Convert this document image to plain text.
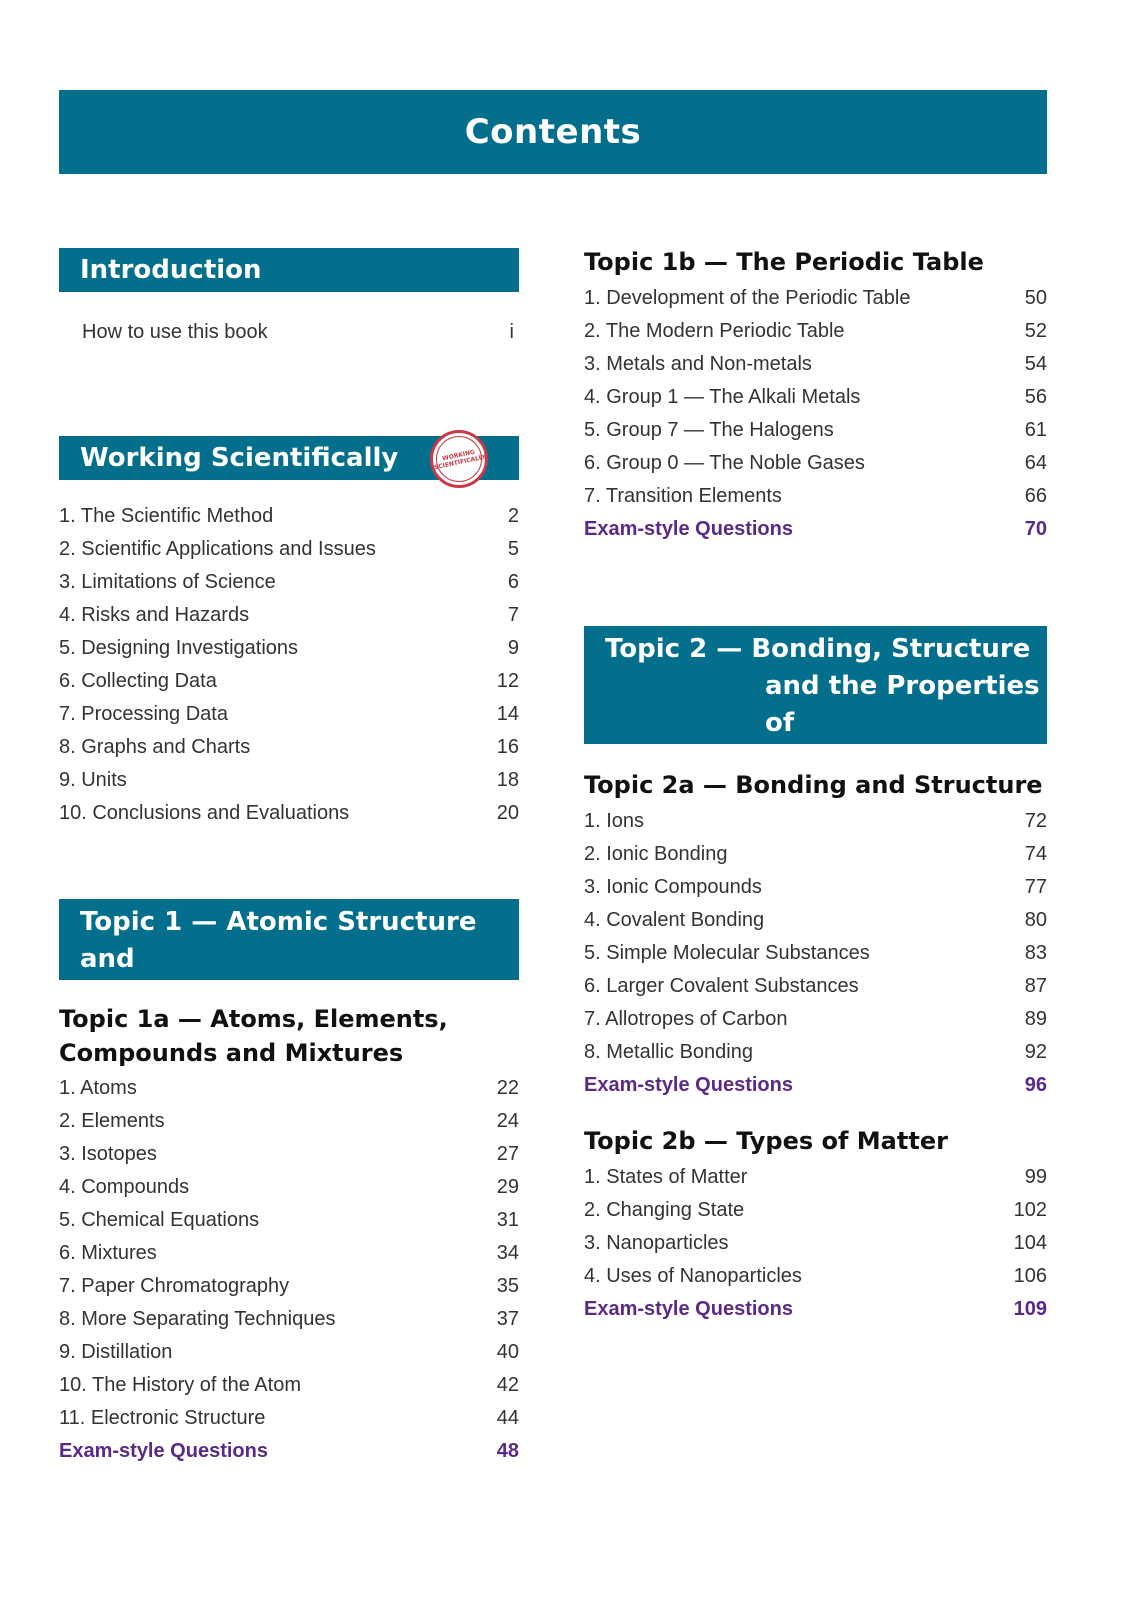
Contents
Introduction
How to use this book	i
Working Scientifically	WORKING SCIENTIFICALLY
1. The Scientific Method	2
2. Scientific Applications and Issues	5
3. Limitations of Science	6
4. Risks and Hazards	7
5. Designing Investigations	9
6. Collecting Data	12
7. Processing Data	14
8. Graphs and Charts	16
9. Units	18
10. Conclusions and Evaluations	20
Topic 1 — Atomic Structure and
the Periodic Table
Topic 1a — Atoms, Elements,
Compounds and Mixtures
1. Atoms	22
2. Elements	24
3. Isotopes	27
4. Compounds	29
5. Chemical Equations	31
6. Mixtures	34
7. Paper Chromatography	35
8. More Separating Techniques	37
9. Distillation	40
10. The History of the Atom	42
11. Electronic Structure	44
Exam-style Questions	48
Topic 1b — The Periodic Table
1. Development of the Periodic Table	50
2. The Modern Periodic Table	52
3. Metals and Non-metals	54
4. Group 1 — The Alkali Metals	56
5. Group 7 — The Halogens	61
6. Group 0 — The Noble Gases	64
7. Transition Elements	66
Exam-style Questions	70
Topic 2 — Bonding, Structure
and the Properties of
Matter
Topic 2a — Bonding and Structure
1. Ions	72
2. Ionic Bonding	74
3. Ionic Compounds	77
4. Covalent Bonding	80
5. Simple Molecular Substances	83
6. Larger Covalent Substances	87
7. Allotropes of Carbon	89
8. Metallic Bonding	92
Exam-style Questions	96
Topic 2b — Types of Matter
1. States of Matter	99
2. Changing State	102
3. Nanoparticles	104
4. Uses of Nanoparticles	106
Exam-style Questions	109
